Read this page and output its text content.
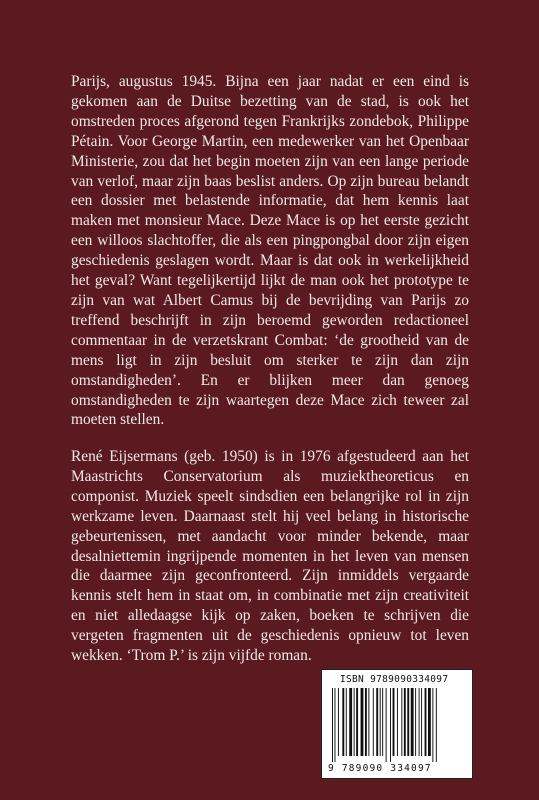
Parijs, augustus 1945. Bijna een jaar nadat er een eind is gekomen aan de Duitse bezetting van de stad, is ook het omstreden proces afgerond tegen Frankrijks zondebok, Philippe Pétain. Voor George Martin, een medewerker van het Openbaar Ministerie, zou dat het begin moeten zijn van een lange periode van verlof, maar zijn baas beslist anders. Op zijn bureau belandt een dossier met belastende informatie, dat hem kennis laat maken met monsieur Mace. Deze Mace is op het eerste gezicht een willoos slachtoffer, die als een pingpongbal door zijn eigen geschiedenis geslagen wordt. Maar is dat ook in werkelijkheid het geval? Want tegelijkertijd lijkt de man ook het prototype te zijn van wat Albert Camus bij de bevrijding van Parijs zo treffend beschrijft in zijn beroemd geworden redactioneel commentaar in de verzetskrant Combat: ‘de grootheid van de mens ligt in zijn besluit om sterker te zijn dan zijn omstandigheden’. En er blijken meer dan genoeg omstandigheden te zijn waartegen deze Mace zich teweer zal moeten stellen.

René Eijsermans (geb. 1950) is in 1976 afgestudeerd aan het Maastrichts Conservatorium als muziektheoreticus en componist. Muziek speelt sindsdien een belangrijke rol in zijn werkzame leven. Daarnaast stelt hij veel belang in historische gebeurtenissen, met aandacht voor minder bekende, maar desalniettemin ingrijpende momenten in het leven van mensen die daarmee zijn geconfronteerd. Zijn inmiddels vergaarde kennis stelt hem in staat om, in combinatie met zijn creativiteit en niet alledaagse kijk op zaken, boeken te schrijven die vergeten fragmenten uit de geschiedenis opnieuw tot leven wekken. ‘Trom P.’ is zijn vijfde roman.

ISBN 9789090334097
9 789090 334097
